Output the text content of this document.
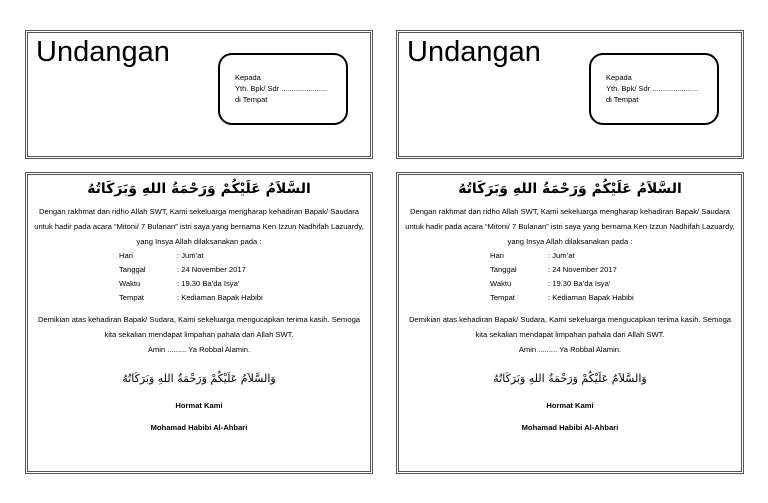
Undangan
Kepada
Yth. Bpk/ Sdr ......................
di Tempat
Undangan
Kepada
Yth. Bpk/ Sdr ......................
di Tempat
السَّلاَمُ عَلَيْكُمْ وَرَحْمَةُ اللهِ وَبَرَكَاتُهُ
Dengan rakhmat dan ridho Allah SWT, Kami sekeluarga mengharap kehadiran Bapak/ Saudara untuk hadir pada acara “Mitoni/ 7 Bulanan” istri saya yang bernama Ken Izzun Nadhifah Lazuardy, yang Insya Allah dilaksanakan pada :
Hari	: Jum’at
Tanggal	: 24 November 2017
Waktu	: 19.30 Ba’da Isya’
Tempat	: Kediaman Bapak Habibi
Demikian atas kehadiran Bapak/ Sudara, Kami sekeluarga mengucapkan terima kasih. Semoga kita sekalian mendapat limpahan pahala dari Allah SWT.
Amin ......... Ya Robbal Alamin.
وَالسَّلاَمُ عَلَيْكُمْ وَرَحْمَةُ اللهِ وَبَرَكَاتُهُ
Hormat Kami
Mohamad Habibi Al-Ahbari
السَّلاَمُ عَلَيْكُمْ وَرَحْمَةُ اللهِ وَبَرَكَاتُهُ
Dengan rakhmat dan ridho Allah SWT, Kami sekeluarga mengharap kehadiran Bapak/ Saudara untuk hadir pada acara “Mitoni/ 7 Bulanan” istri saya yang bernama Ken Izzun Nadhifah Lazuardy, yang Insya Allah dilaksanakan pada :
Hari	: Jum’at
Tanggal	: 24 November 2017
Waktu	: 19.30 Ba’da Isya’
Tempat	: Kediaman Bapak Habibi
Demikian atas kehadiran Bapak/ Sudara, Kami sekeluarga mengucapkan terima kasih. Semoga kita sekalian mendapat limpahan pahala dari Allah SWT.
Amin ......... Ya Robbal Alamin.
وَالسَّلاَمُ عَلَيْكُمْ وَرَحْمَةُ اللهِ وَبَرَكَاتُهُ
Hormat Kami
Mohamad Habibi Al-Ahbari
